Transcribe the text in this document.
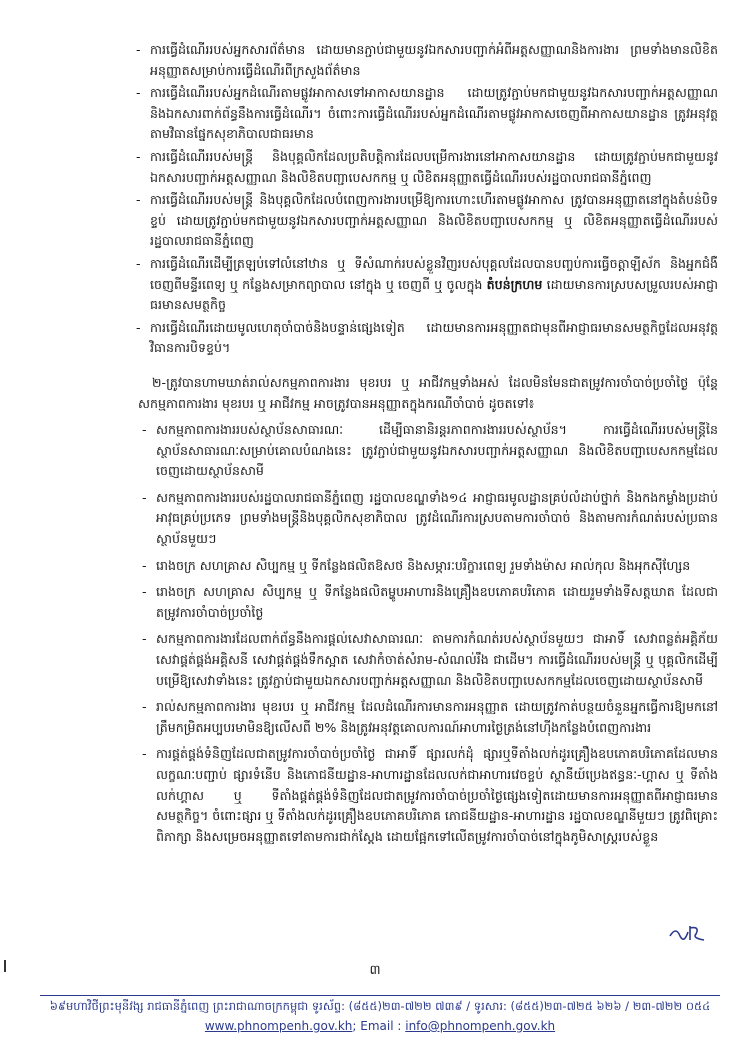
- ការធ្វើដំណើររបស់អ្នកសារព័ត៌មាន ដោយមានភ្ជាប់ជាមួយនូវឯកសារបញ្ជាក់អំពីអត្តសញ្ញាណនិងការងារ ព្រមទាំងមានលិខិតអនុញ្ញាតសម្រាប់ការធ្វើដំណើរពីក្រសួងព័ត៌មាន
- ការធ្វើដំណើររបស់អ្នកដំណើរតាមផ្លូវអាកាសទៅអាកាសយានដ្ឋាន ដោយត្រូវភ្ជាប់មកជាមួយនូវឯកសារបញ្ជាក់អត្តសញ្ញាណ និងឯកសារពាក់ព័ន្ធនឹងការធ្វើដំណើរ។ ចំពោះការធ្វើដំណើររបស់អ្នកដំណើរតាមផ្លូវអាកាសចេញពីអាកាសយានដ្ឋាន ត្រូវអនុវត្តតាមវិធានផ្នែកសុខាភិបាលជាធរមាន
- ការធ្វើដំណើររបស់មន្ត្រី និងបុគ្គលិកដែលប្រតិបត្តិការដែលបម្រើការងារនៅអាកាសយានដ្ឋាន ដោយត្រូវភ្ជាប់មកជាមួយនូវឯកសារបញ្ជាក់អត្តសញ្ញាណ និងលិខិតបញ្ជាបេសកកម្ម ឬ លិខិតអនុញ្ញាតធ្វើដំណើររបស់រដ្ឋបាលរាជធានីភ្នំពេញ
- ការធ្វើដំណើររបស់មន្ត្រី និងបុគ្គលិកដែលបំពេញការងារបម្រើឱ្យការហោះហើរតាមផ្លូវអាកាស ត្រូវបានអនុញ្ញាតនៅក្នុងតំបន់បិទខ្ទប់ ដោយត្រូវភ្ជាប់មកជាមួយនូវឯកសារបញ្ជាក់អត្តសញ្ញាណ និងលិខិតបញ្ជាបេសកកម្ម ឬ លិខិតអនុញ្ញាតធ្វើដំណើររបស់រដ្ឋបាលរាជធានីភ្នំពេញ
- ការធ្វើដំណើរដើម្បីត្រឡប់ទៅលំនៅឋាន ឬ ទីសំណាក់របស់ខ្លួនវិញរបស់បុគ្គលដែលបានបញ្ចប់ការធ្វើចត្តាឡីស័ក និងអ្នកជំងឺចេញពីមន្ទីរពេទ្យ ឬ កន្លែងសម្រាកព្យាបាល នៅក្នុង ឬ ចេញពី ឬ ចូលក្នុង តំបន់ក្រហម ដោយមានការស្របសម្រួលរបស់អាជ្ញាធរមានសមត្ថកិច្ច
- ការធ្វើដំណើរដោយមូលហេតុចាំបាច់និងបន្ទាន់ផ្សេងទៀត ដោយមានការអនុញ្ញាតជាមុនពីអាជ្ញាធរមានសមត្ថកិច្ចដែលអនុវត្តវិធានការបិទខ្ទប់។
២-ត្រូវបានហាមឃាត់រាល់សកម្មភាពការងារ មុខរបរ ឬ អាជីវកម្មទាំងអស់ ដែលមិនមែនជាតម្រូវការចាំបាច់ប្រចាំថ្ងៃ ប៉ុន្តែ សកម្មភាពការងារ មុខរបរ ឬ អាជីវកម្ម អាចត្រូវបានអនុញ្ញាតក្នុងករណីចាំបាច់ ដូចតទៅ៖
- សកម្មភាពការងាររបស់ស្ថាប័នសាធារណៈ ដើម្បីធានានិរន្តរភាពការងាររបស់ស្ថាប័ន។ ការធ្វើដំណើររបស់មន្ត្រីនៃស្ថាប័នសាធារណៈសម្រាប់គោលបំណងនេះ ត្រូវភ្ជាប់ជាមួយនូវឯកសារបញ្ជាក់អត្តសញ្ញាណ និងលិខិតបញ្ជាបេសកកម្មដែលចេញដោយស្ថាប័នសាមី
- សកម្មភាពការងាររបស់រដ្ឋបាលរាជធានីភ្នំពេញ រដ្ឋបាលខណ្ឌទាំង១៤ អាជ្ញាធរមូលដ្ឋានគ្រប់លំដាប់ថ្នាក់ និងកងកម្លាំងប្រដាប់អាវុធគ្រប់ប្រភេទ ព្រមទាំងមន្ត្រីនិងបុគ្គលិកសុខាភិបាល ត្រូវដំណើរការស្របតាមការចាំបាច់ និងតាមការកំណត់របស់ប្រធានស្ថាប័នមួយៗ
- រោងចក្រ សហគ្រាស សិប្បកម្ម ឬ ទីកន្លែងផលិតឱសថ និងសម្ភារៈបរិក្ខារពេទ្យ រួមទាំងម៉ាស អាល់កុល និងអុកស៊ីហ្សែន
- រោងចក្រ សហគ្រាស សិប្បកម្ម ឬ ទីកន្លែងផលិតម្ហូបអាហារនិងគ្រឿងឧបភោគបរិភោគ ដោយរួមទាំងទីសត្តឃាត ដែលជាតម្រូវការចាំបាច់ប្រចាំថ្ងៃ
- សកម្មភាពការងារដែលពាក់ព័ន្ធនឹងការផ្តល់សេវាសាធារណៈ តាមការកំណត់របស់ស្ថាប័នមួយៗ ជាអាទិ៍ សេវាពន្លត់អគ្គិភ័យ សេវាផ្គត់ផ្គង់អគ្គិសនី សេវាផ្គត់ផ្គង់ទឹកស្អាត សេវាកំចាត់សំរាម-សំណល់រឹង ជាដើម។ ការធ្វើដំណើររបស់មន្ត្រី ឬ បុគ្គលិកដើម្បីបម្រើឱ្យសេវាទាំងនេះ ត្រូវភ្ជាប់ជាមួយឯកសារបញ្ជាក់អត្តសញ្ញាណ និងលិខិតបញ្ជាបេសកកម្មដែលចេញដោយស្ថាប័នសាមី
- រាល់សកម្មភាពការងារ មុខរបរ ឬ អាជីវកម្ម ដែលដំណើរការមានការអនុញ្ញាត ដោយត្រូវកាត់បន្ថយចំនួនអ្នកធ្វើការឱ្យមកនៅត្រឹមកម្រិតអប្បបរមាមិនឱ្យលើសពី ២% និងត្រូវអនុវត្តគោលការណ៍អាហារថ្ងៃត្រង់នៅហ៊ីងកន្លែងបំពេញការងារ
- ការផ្គត់ផ្គង់ទំនិញដែលជាតម្រូវការចាំបាច់ប្រចាំថ្ងៃ ជាអាទិ៍ ផ្សារលក់ដុំ ផ្សារឬទីតាំងលក់ដូរគ្រឿងឧបភោគបរិភោគដែលមានលក្ខណៈបញ្ជាប់ ផ្សារទំនើប និងភោជនីយដ្ឋាន-អាហារដ្ឋានដែលលក់ជាអាហារវេចខ្ចប់ ស្ថានីយ៍ប្រេងឥន្ធនៈ-ហ្គាស ឬ ទីតាំងលក់ហ្គាស ឬ ទីតាំងផ្គត់ផ្គង់ទំនិញដែលជាតម្រូវការចាំបាច់ប្រចាំថ្ងៃផ្សេងទៀតដោយមានការអនុញ្ញាតពីអាជ្ញាធរមានសមត្ថកិច្ច។ ចំពោះផ្សារ ឬ ទីតាំងលក់ដូរគ្រឿងឧបភោគបរិភោគ ភោជនីយដ្ឋាន-អាហារដ្ឋាន រដ្ឋបាលខណ្ឌនីមួយៗ ត្រូវពិគ្រោះពិភាក្សា និងសម្រេចអនុញ្ញាតទៅតាមការជាក់ស្តែង ដោយផ្អែកទៅលើតម្រូវការចាំបាច់នៅក្នុងភូមិសាស្ត្ររបស់ខ្លួន
៣
៦៩មហាវិថីព្រះមុនីវង្ស រាជធានីភ្នំពេញ ព្រះរាជាណាចក្រកម្ពុជា ទូរស័ព្ទ: (៨៥៥)២៣-៧២២ ៧៣៩ / ទូរសារ: (៨៥៥)២៣-៧២៥ ៦២៦ / ២៣-៧២២ ០៥៤
www.phnompenh.gov.kh; Email : info@phnompenh.gov.kh
